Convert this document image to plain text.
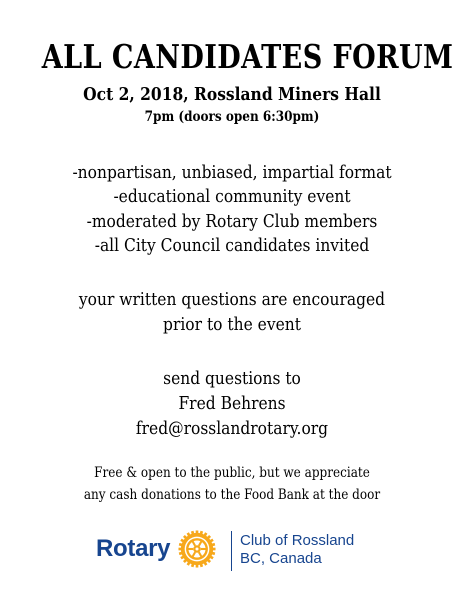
ALL CANDIDATES FORUM
Oct 2, 2018, Rossland Miners Hall
7pm (doors open 6:30pm)
-nonpartisan, unbiased, impartial format
-educational community event
-moderated by Rotary Club members
-all City Council candidates invited
your written questions are encouraged
prior to the event
send questions to
Fred Behrens
fred@rosslandrotary.org
Free & open to the public, but we appreciate
any cash donations to the Food Bank at the door
Rotary	Club of Rossland
BC, Canada
